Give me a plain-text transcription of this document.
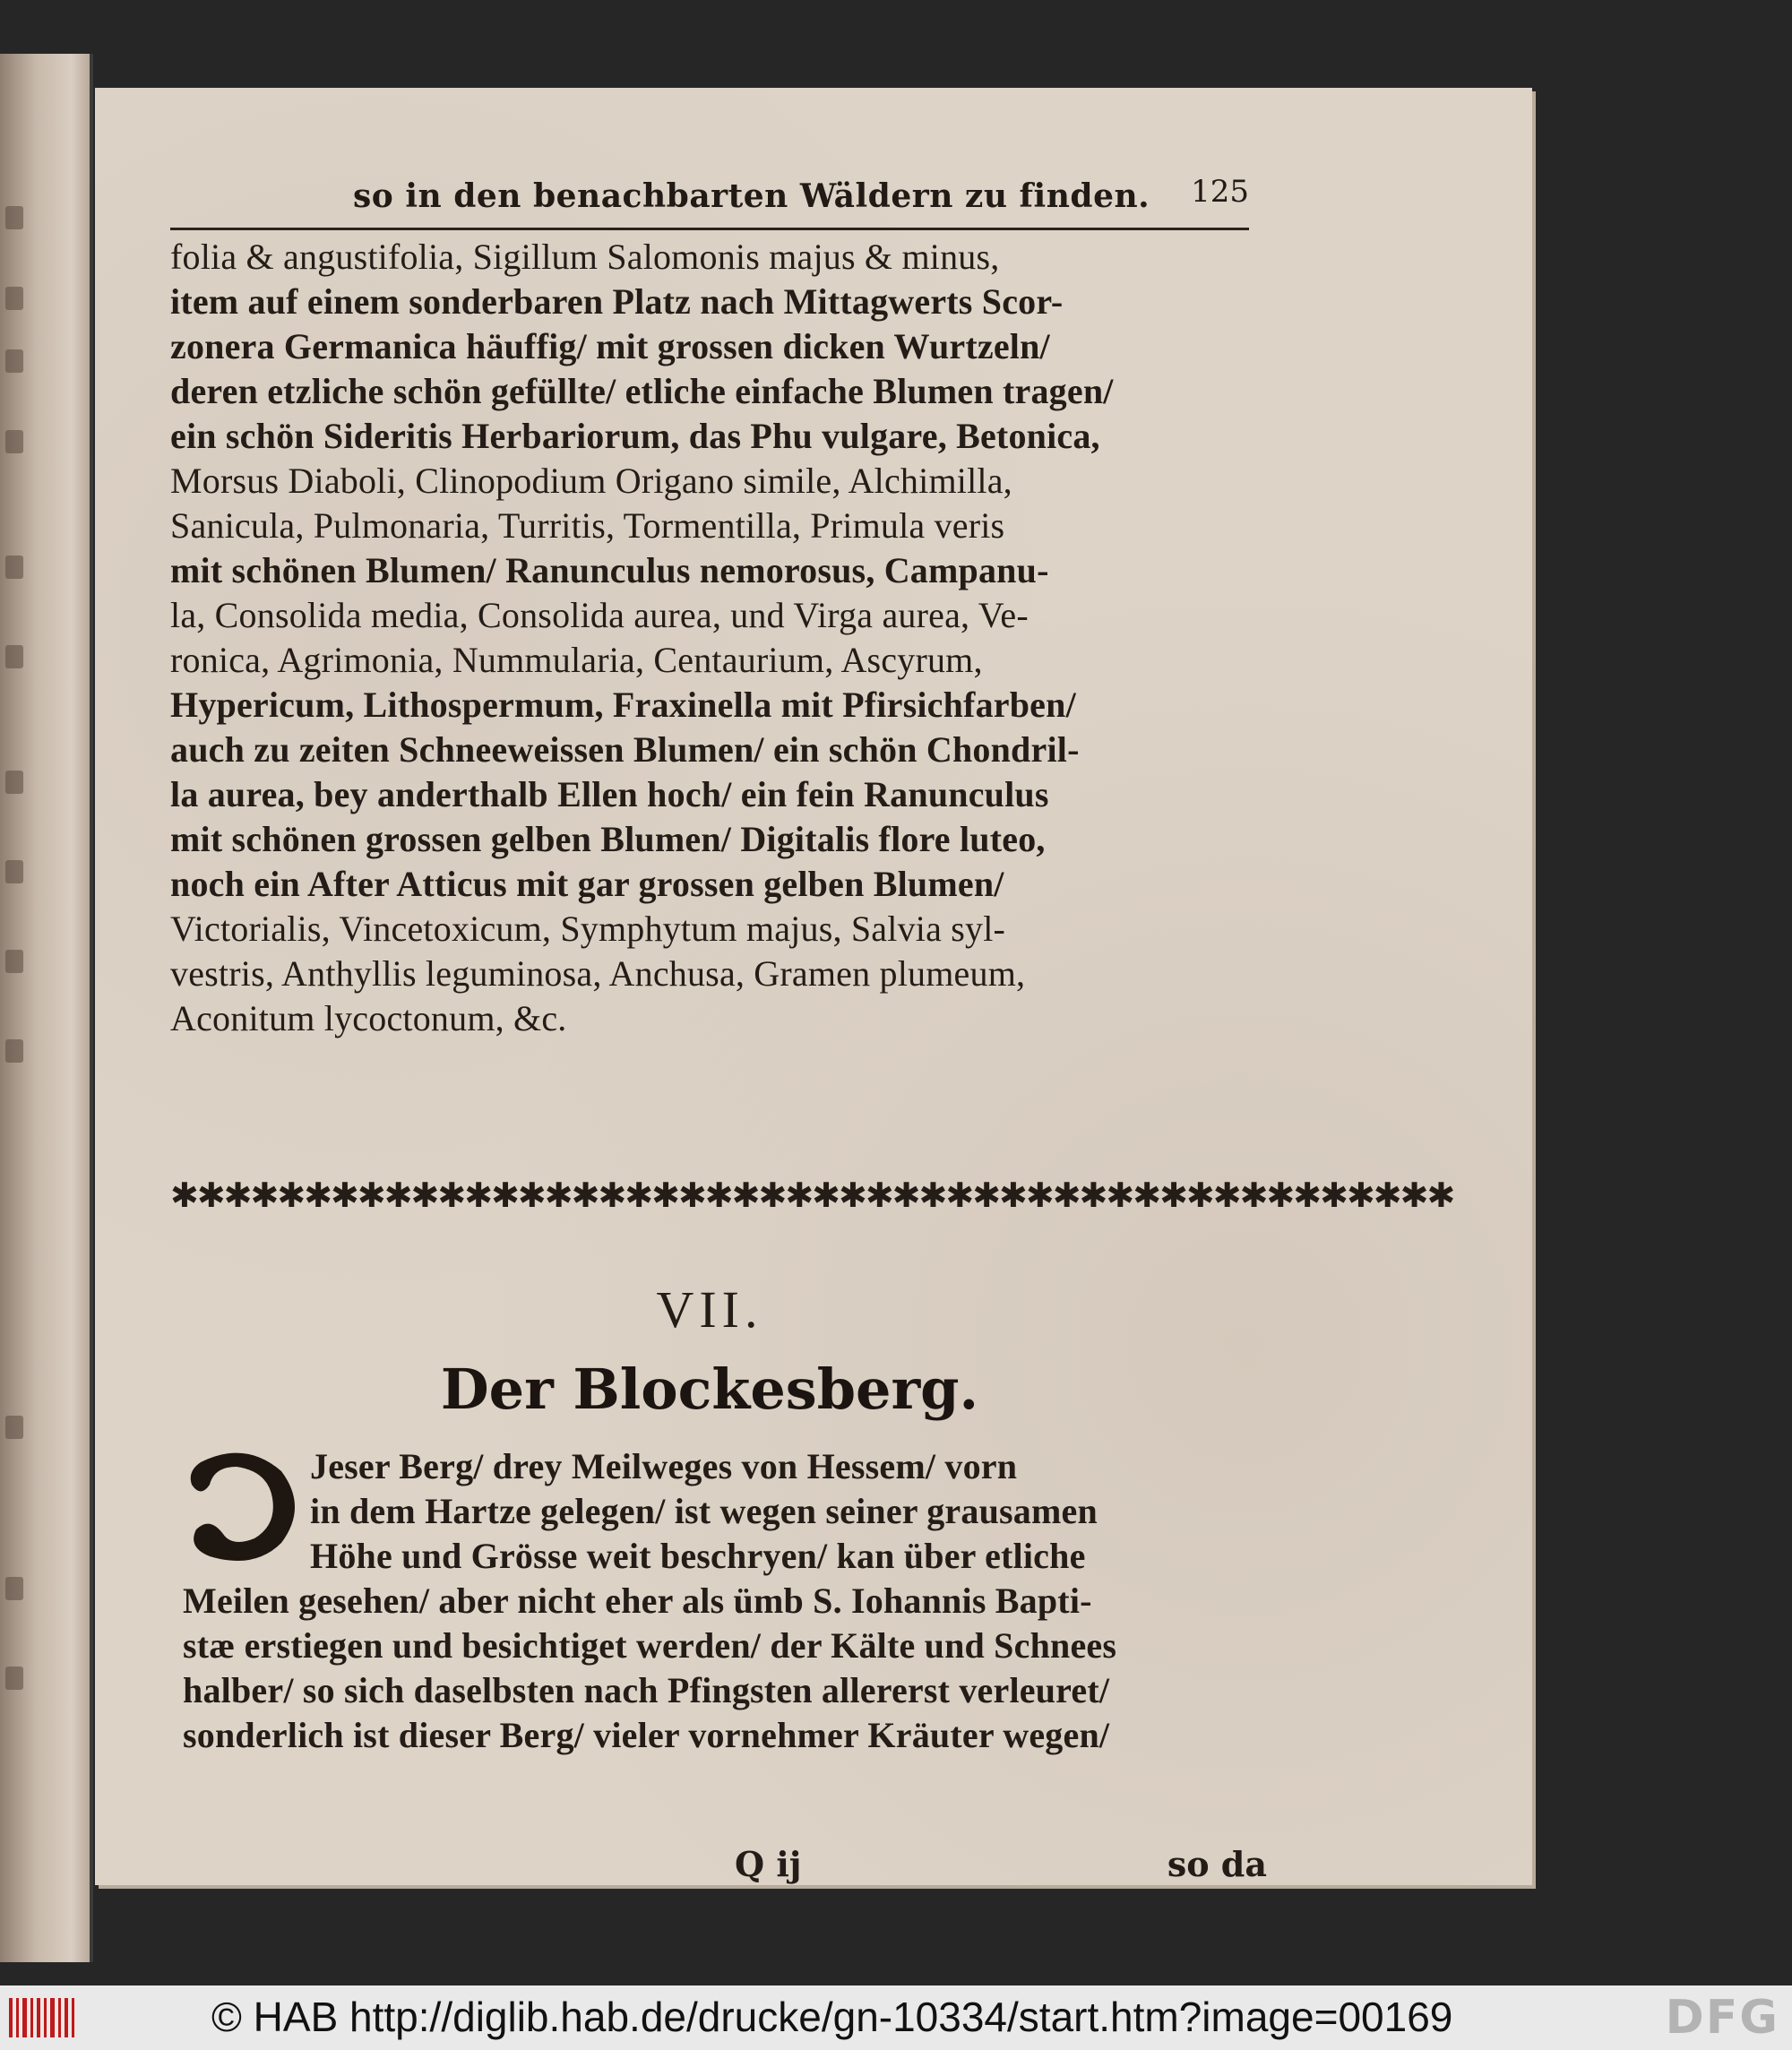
so in den benachbarten Wäldern zu finden. 125
folia & angustifolia, Sigillum Salomonis majus & minus,
item auf einem sonderbaren Platz nach Mittagwerts Scor-
zonera Germanica häuffig/ mit grossen dicken Wurtzeln/
deren etzliche schön gefüllte/ etliche einfache Blumen tragen/
ein schön Sideritis Herbariorum, das Phu vulgare, Betonica,
Morsus Diaboli, Clinopodium Origano simile, Alchimilla,
Sanicula, Pulmonaria, Turritis, Tormentilla, Primula veris
mit schönen Blumen/ Ranunculus nemorosus, Campanu-
la, Consolida media, Consolida aurea, und Virga aurea, Ve-
ronica, Agrimonia, Nummularia, Centaurium, Ascyrum,
Hypericum, Lithospermum, Fraxinella mit Pfirsichfarben/
auch zu zeiten Schneeweissen Blumen/ ein schön Chondril-
la aurea, bey anderthalb Ellen hoch/ ein fein Ranunculus
mit schönen grossen gelben Blumen/ Digitalis flore luteo,
noch ein After Atticus mit gar grossen gelben Blumen/
Victorialis, Vincetoxicum, Symphytum majus, Salvia syl-
vestris, Anthyllis leguminosa, Anchusa, Gramen plumeum,
Aconitum lycoctonum, &c.
✱✱✱✱✱✱✱✱✱✱✱✱✱✱✱✱✱✱✱✱✱✱✱✱✱✱✱✱✱✱✱✱✱✱✱✱✱✱✱✱✱✱✱✱✱✱✱✱
VII.
Der Blockesberg.
Jeser Berg/ drey Meilweges von Hessem/ vorn
in dem Hartze gelegen/ ist wegen seiner grausamen
Höhe und Grösse weit beschryen/ kan über etliche
Meilen gesehen/ aber nicht eher als ümb S. Iohannis Bapti-
stæ erstiegen und besichtiget werden/ der Kälte und Schnees
halber/ so sich daselbsten nach Pfingsten allererst verleuret/
sonderlich ist dieser Berg/ vieler vornehmer Kräuter wegen/
Q ij	so da
© HAB http://diglib.hab.de/drucke/gn-10334/start.htm?image=00169	DFG
